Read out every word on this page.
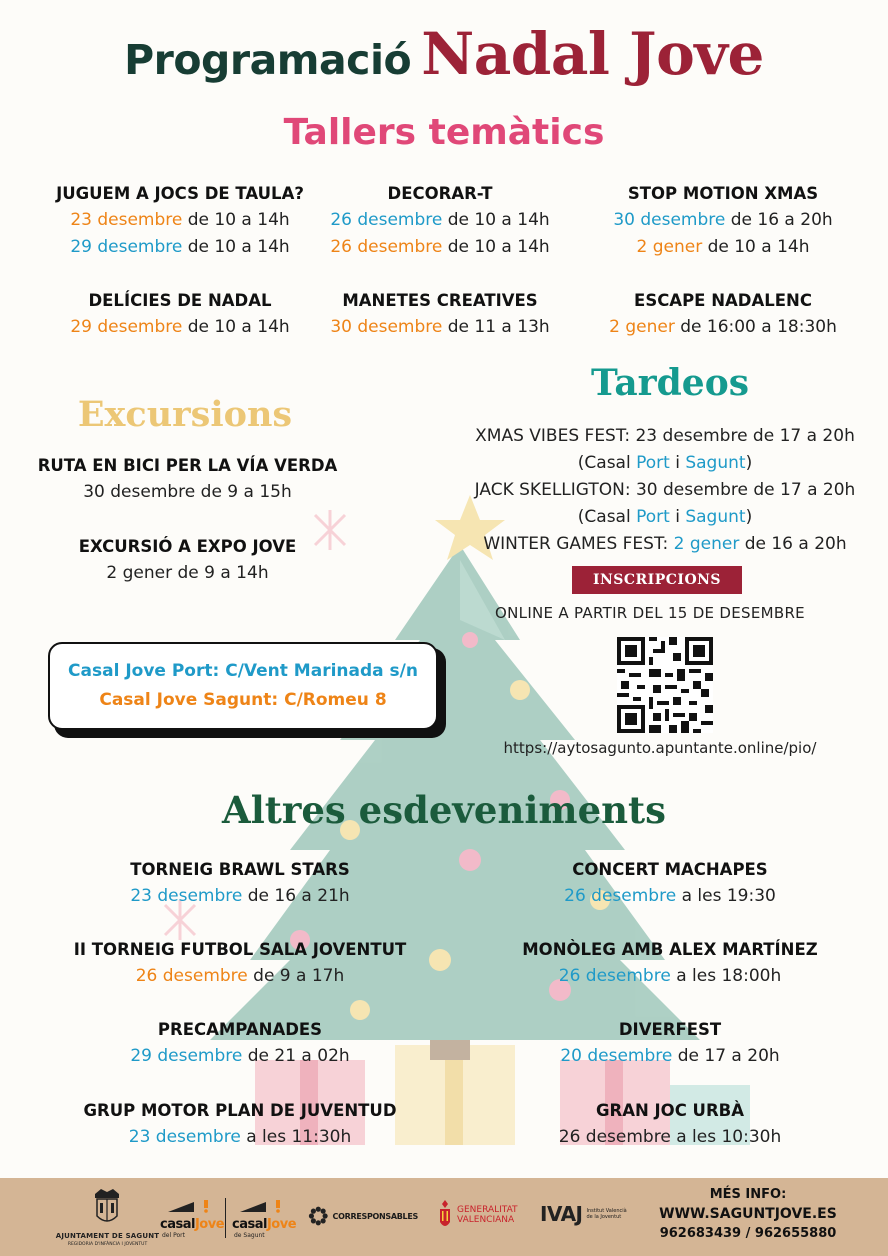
Programació Nadal Jove
Tallers temàtics
JUGUEM A JOCS DE TAULA?
23 desembre de 10 a 14h
29 desembre de 10 a 14h
DELÍCIES DE NADAL
29 desembre de 10 a 14h
DECORAR-T
26 desembre de 10 a 14h
26 desembre de 10 a 14h
MANETES CREATIVES
30 desembre de 11 a 13h
STOP MOTION XMAS
30 desembre de 16 a 20h
2 gener de 10 a 14h
ESCAPE NADALENC
2 gener de 16:00 a 18:30h
Excursions
RUTA EN BICI PER LA VÍA VERDA
30 desembre de 9 a 15h
EXCURSIÓ A EXPO JOVE
2 gener de 9 a 14h
Tardeos
XMAS VIBES FEST: 23 desembre de 17 a 20h
(Casal Port i Sagunt)
JACK SKELLIGTON: 30 desembre de 17 a 20h
(Casal Port i Sagunt)
WINTER GAMES FEST: 2 gener de 16 a 20h
INSCRIPCIONS
ONLINE A PARTIR DEL 15 DE DESEMBRE
https://aytosagunto.apuntante.online/pio/
Casal Jove Port: C/Vent Marinada s/n
Casal Jove Sagunt: C/Romeu 8
Altres esdeveniments
TORNEIG BRAWL STARS
23 desembre de 16 a 21h
II TORNEIG FUTBOL SALA JOVENTUT
26 desembre de 9 a 17h
PRECAMPANADES
29 desembre de 21 a 02h
GRUP MOTOR PLAN DE JUVENTUD
23 desembre a les 11:30h
CONCERT MACHAPES
26 desembre a les 19:30
MONÒLEG AMB ALEX MARTÍNEZ
26 desembre a les 18:00h
DIVERFEST
20 desembre de 17 a 20h
GRAN JOC URBÀ
26 desembre a les 10:30h
AJUNTAMENT DE SAGUNT
REGIDORIA D'INFÀNCIA I JOVENTUT
casalJove
del Port
casalJove
de Sagunt
CORRESPONSABLES
GENERALITAT
VALENCIANA IVAJ Institut Valencià
de la Joventut
MÉS INFO:
WWW.SAGUNTJOVE.ES
962683439 / 962655880
